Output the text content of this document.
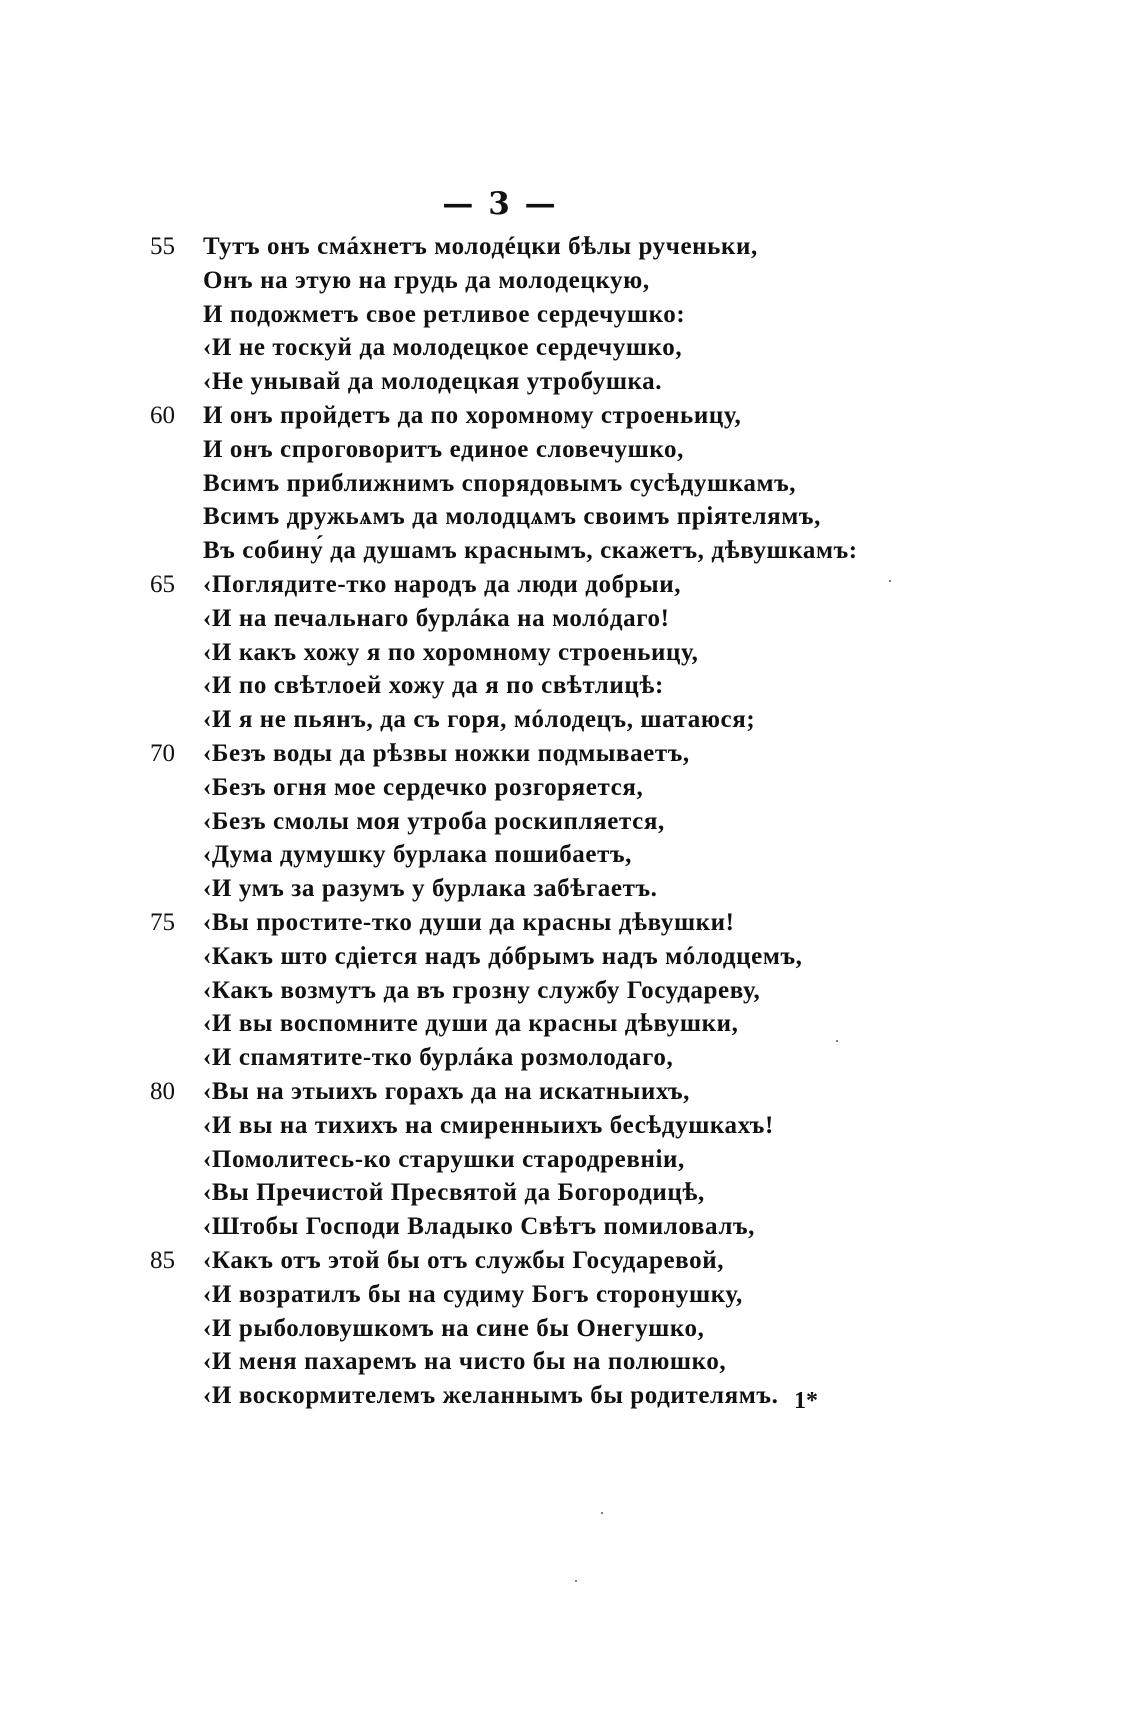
— 3 —
55	Тутъ онъ смáхнетъ молодéцки бѣлы рученьки,
Онъ на этую на грудь да молодецкую,
И подожметъ свое ретливое сердечушко:
‹И не тоскуй да молодецкое сердечушко,
‹Не унывай да молодецкая утробушка.
60	И онъ пройдетъ да по хоромному строеньицу,
И онъ спроговоритъ единое словечушко,
Всимъ приближнимъ спорядовымъ сусѣдушкамъ,
Всимъ дружьѧмъ да молодцѧмъ своимъ пріятелямъ,
Въ собину́ да душамъ краснымъ, скажетъ, дѣвушкамъ:
65	‹Поглядите-тко народъ да люди добрыи,
‹И на печальнаго бурлáка на молóдаго!
‹И какъ хожу я по хоромному строеньицу,
‹И по свѣтлоей хожу да я по свѣтлицѣ:
‹И я не пьянъ, да съ горя, мóлодецъ, шатаюся;
70	‹Безъ воды да рѣзвы ножки подмываетъ,
‹Безъ огня мое сердечко розгоряется,
‹Безъ смолы моя утроба роскипляется,
‹Дума думушку бурлака пошибаетъ,
‹И умъ за разумъ у бурлака забѣгаетъ.
75	‹Вы простите-тко души да красны дѣвушки!
‹Какъ што сдіется надъ дóбрымъ надъ мóлодцемъ,
‹Какъ возмутъ да въ грозну службу Государеву,
‹И вы воспомните души да красны дѣвушки,
‹И спамятите-тко бурлáка розмолодаго,
80	‹Вы на этыихъ горахъ да на искатныихъ,
‹И вы на тихихъ на смиренныихъ бесѣдушкахъ!
‹Помолитесь-ко старушки стародревніи,
‹Вы Пречистой Пресвятой да Богородицѣ,
‹Штобы Господи Владыко Свѣтъ помиловалъ,
85	‹Какъ отъ этой бы отъ службы Государевой,
‹И возратилъ бы на судиму Богъ сторонушку,
‹И рыболовушкомъ на сине бы Онегушко,
‹И меня пахаремъ на чисто бы на полюшко,
‹И воскормителемъ желаннымъ бы родителямъ. 1*
